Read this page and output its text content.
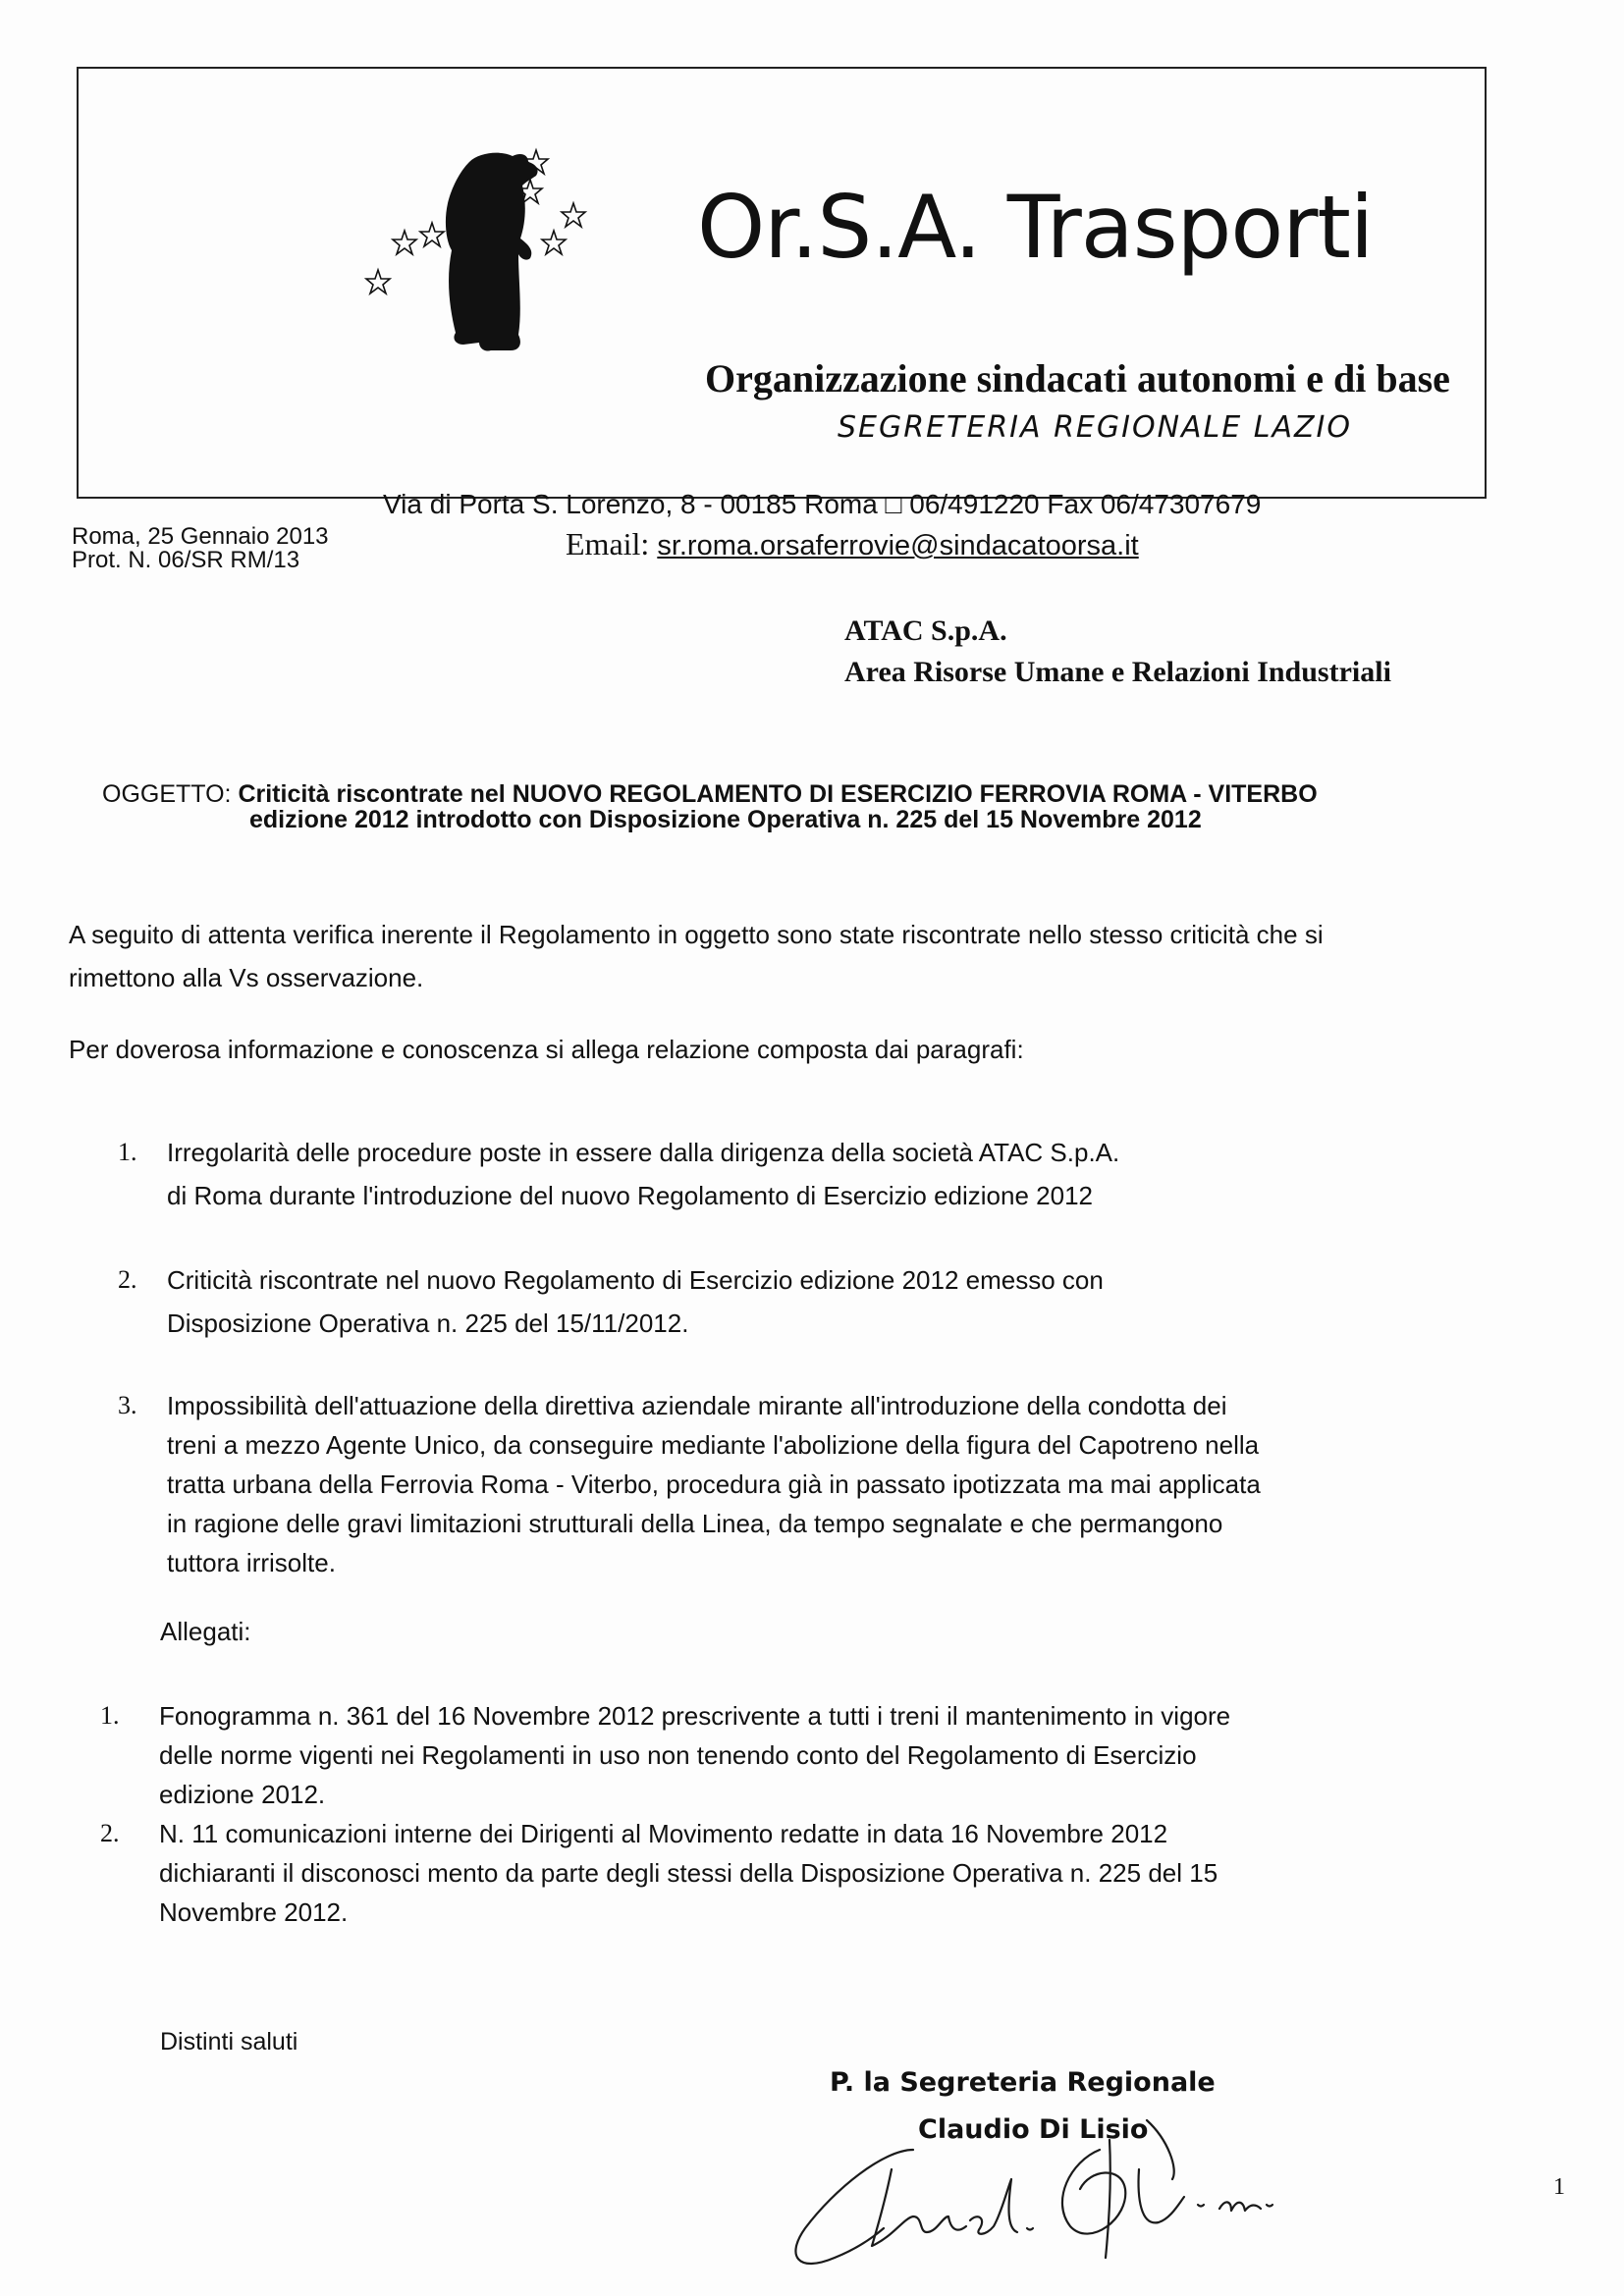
Or.S.A. Trasporti
Organizzazione sindacati autonomi e di base
SEGRETERIA REGIONALE LAZIO
Via di Porta S. Lorenzo, 8 - 00185 Roma □ 06/491220 Fax 06/47307679
Email: sr.roma.orsaferrovie@sindacatoorsa.it
Roma, 25 Gennaio 2013
Prot. N. 06/SR RM/13
ATAC S.p.A.
Area Risorse Umane e Relazioni Industriali
OGGETTO: Criticità riscontrate nel NUOVO REGOLAMENTO DI ESERCIZIO FERROVIA ROMA - VITERBO
edizione 2012 introdotto con Disposizione Operativa n. 225 del 15 Novembre 2012
A seguito di attenta verifica inerente il Regolamento in oggetto sono state riscontrate nello stesso criticità che si
rimettono alla Vs osservazione.
Per doverosa informazione e conoscenza si allega relazione composta dai paragrafi:
1. Irregolarità delle procedure poste in essere dalla dirigenza della società ATAC S.p.A.
di Roma durante l'introduzione del nuovo Regolamento di Esercizio edizione 2012
2. Criticità riscontrate nel nuovo Regolamento di Esercizio edizione 2012 emesso con
Disposizione Operativa n. 225 del 15/11/2012.
3. Impossibilità dell'attuazione della direttiva aziendale mirante all'introduzione della condotta dei
treni a mezzo Agente Unico, da conseguire mediante l'abolizione della figura del Capotreno nella
tratta urbana della Ferrovia Roma - Viterbo, procedura già in passato ipotizzata ma mai applicata
in ragione delle gravi limitazioni strutturali della Linea, da tempo segnalate e che permangono
tuttora irrisolte.
Allegati:
1. Fonogramma n. 361 del 16 Novembre 2012 prescrivente a tutti i treni il mantenimento in vigore
delle norme vigenti nei Regolamenti in uso non tenendo conto del Regolamento di Esercizio
edizione 2012.
2. N. 11 comunicazioni interne dei Dirigenti al Movimento redatte in data 16 Novembre 2012
dichiaranti il disconosci mento da parte degli stessi della Disposizione Operativa n. 225 del 15
Novembre 2012.
Distinti saluti
P. la Segreteria Regionale
Claudio Di Lisio
1
